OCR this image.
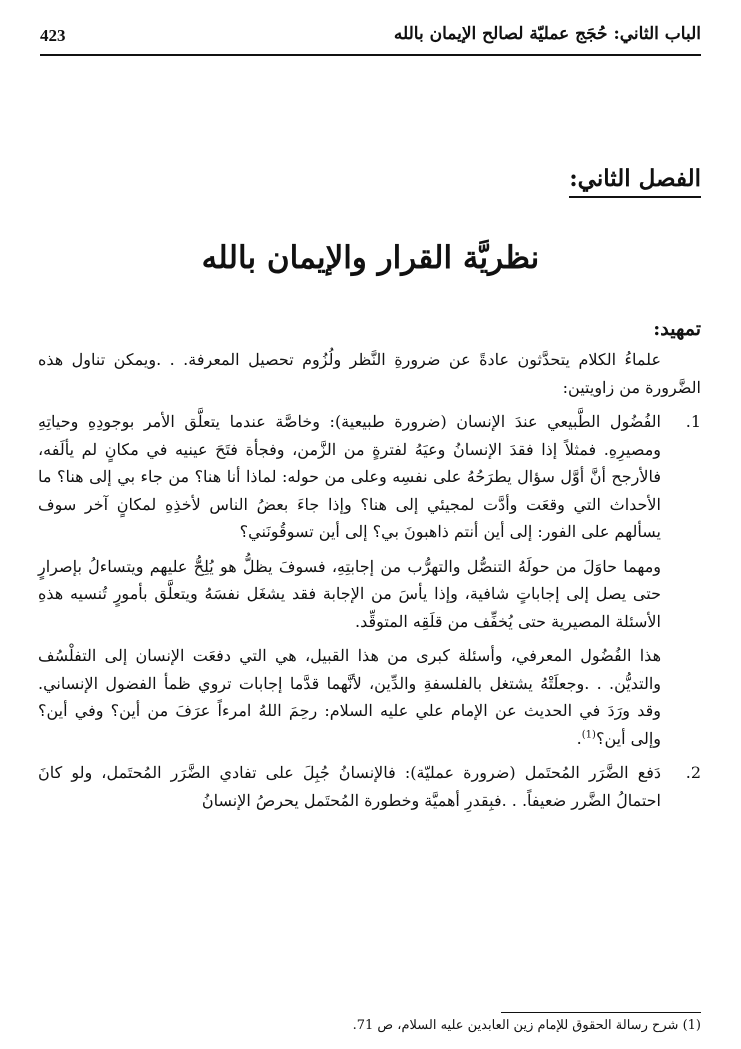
423	الباب الثاني: حُجَج عمليّة لصالح الإيمان بالله
الفصل الثاني:
نظريَّة القرار والإيمان بالله
تمهيد:

علماءُ الكلام يتحدَّثون عادةً عن ضرورةِ النَّظر ولُزُوم تحصيل المعرفة. . .ويمكن تناول هذه الضَّرورة من زاويتين:

1.

الفُضُول الطَّبيعي عندَ الإنسان (ضرورة طبيعية): وخاصَّة عندما يتعلَّق الأمر بوجودِهِ وحياتِهِ ومصيرِهِ. فمثلاً إذا فقدَ الإنسانُ وعيَهُ لفترةٍ من الزَّمن، وفجأة فتَحَ عينيه في مكانٍ لم يألَفه، فالأرجح أنَّ أوَّل سؤال يطرَحُهُ على نفسِه وعلى من حوله: لماذا أنا هنا؟ من جاء بي إلى هنا؟ ما الأحداث التي وقعَت وأدَّت لمجيئي إلى هنا؟ وإذا جاءَ بعضُ الناس لأخذِهِ لمكانٍ آخر سوف يسألهم على الفور: إلى أين أنتم ذاهبونَ بي؟ إلى أين تسوقُونَني؟

ومهما حاوَلَ من حولَهُ التنصُّل والتهرُّب من إجابتِهِ، فسوفَ يظلُّ هو يُلِحُّ عليهم ويتساءلُ بإصرارٍ حتى يصل إلى إجاباتٍ شافية، وإذا يأسَ من الإجابة فقد يشغَل نفسَهُ ويتعلَّق بأمورٍ تُنسيه هذهِ الأسئلة المصيرية حتى يُخفِّف من قلَقِه المتوقِّد.

هذا الفُضُول المعرفي، وأسئلة كبرى من هذا القبيل، هي التي دفعَت الإنسان إلى التفلْسُف والتديُّن. . .وجعلَتْهُ يشتغل بالفلسفةِ والدِّين، لأنَّهما قدَّما إجابات تروي ظمأ الفضول الإنساني. وقد ورَدَ في الحديث عن الإمام علي عليه السلام: رحِمَ اللهُ امرءاً عرَفَ من أين؟ وفي أين؟ وإلى أين؟$^{(1)}$.

2.

دَفع الضَّرَر المُحتَمل (ضرورة عمليّة): فالإنسانُ جُبِلَ على تفادي الضَّرَر المُحتَمل، ولو كانَ احتمالُ الضَّرر ضعيفاً. . .فبِقدرِ أهميَّة وخطورة المُحتَمل يحرصُ الإنسانُ

(1) شرح رسالة الحقوق للإمام زين العابدين عليه السلام، ص 71.
